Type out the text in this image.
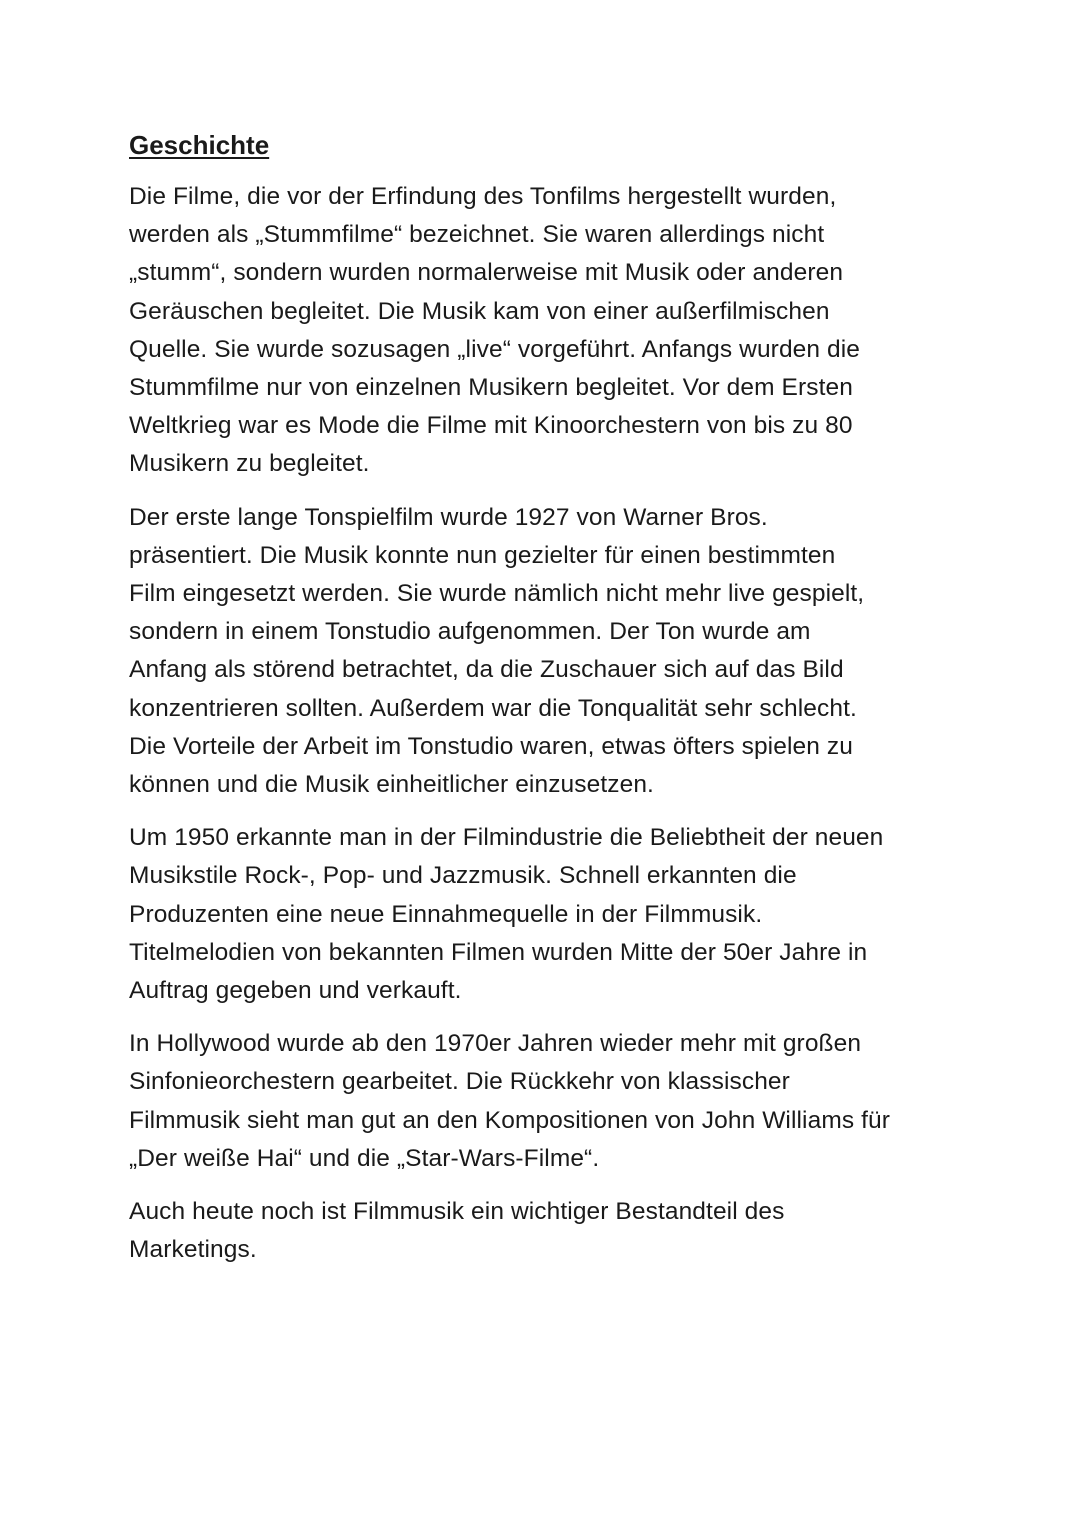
Geschichte
Die Filme, die vor der Erfindung des Tonfilms hergestellt wurden,
werden als „Stummfilme“ bezeichnet. Sie waren allerdings nicht
„stumm“, sondern wurden normalerweise mit Musik oder anderen
Geräuschen begleitet. Die Musik kam von einer außerfilmischen
Quelle. Sie wurde sozusagen „live“ vorgeführt. Anfangs wurden die
Stummfilme nur von einzelnen Musikern begleitet. Vor dem Ersten
Weltkrieg war es Mode die Filme mit Kinoorchestern von bis zu 80
Musikern zu begleitet.
Der erste lange Tonspielfilm wurde 1927 von Warner Bros.
präsentiert. Die Musik konnte nun gezielter für einen bestimmten
Film eingesetzt werden. Sie wurde nämlich nicht mehr live gespielt,
sondern in einem Tonstudio aufgenommen. Der Ton wurde am
Anfang als störend betrachtet, da die Zuschauer sich auf das Bild
konzentrieren sollten. Außerdem war die Tonqualität sehr schlecht.
Die Vorteile der Arbeit im Tonstudio waren, etwas öfters spielen zu
können und die Musik einheitlicher einzusetzen.
Um 1950 erkannte man in der Filmindustrie die Beliebtheit der neuen
Musikstile Rock-, Pop- und Jazzmusik. Schnell erkannten die
Produzenten eine neue Einnahmequelle in der Filmmusik.
Titelmelodien von bekannten Filmen wurden Mitte der 50er Jahre in
Auftrag gegeben und verkauft.
In Hollywood wurde ab den 1970er Jahren wieder mehr mit großen
Sinfonieorchestern gearbeitet. Die Rückkehr von klassischer
Filmmusik sieht man gut an den Kompositionen von John Williams für
„Der weiße Hai“ und die „Star-Wars-Filme“.
Auch heute noch ist Filmmusik ein wichtiger Bestandteil des
Marketings.
